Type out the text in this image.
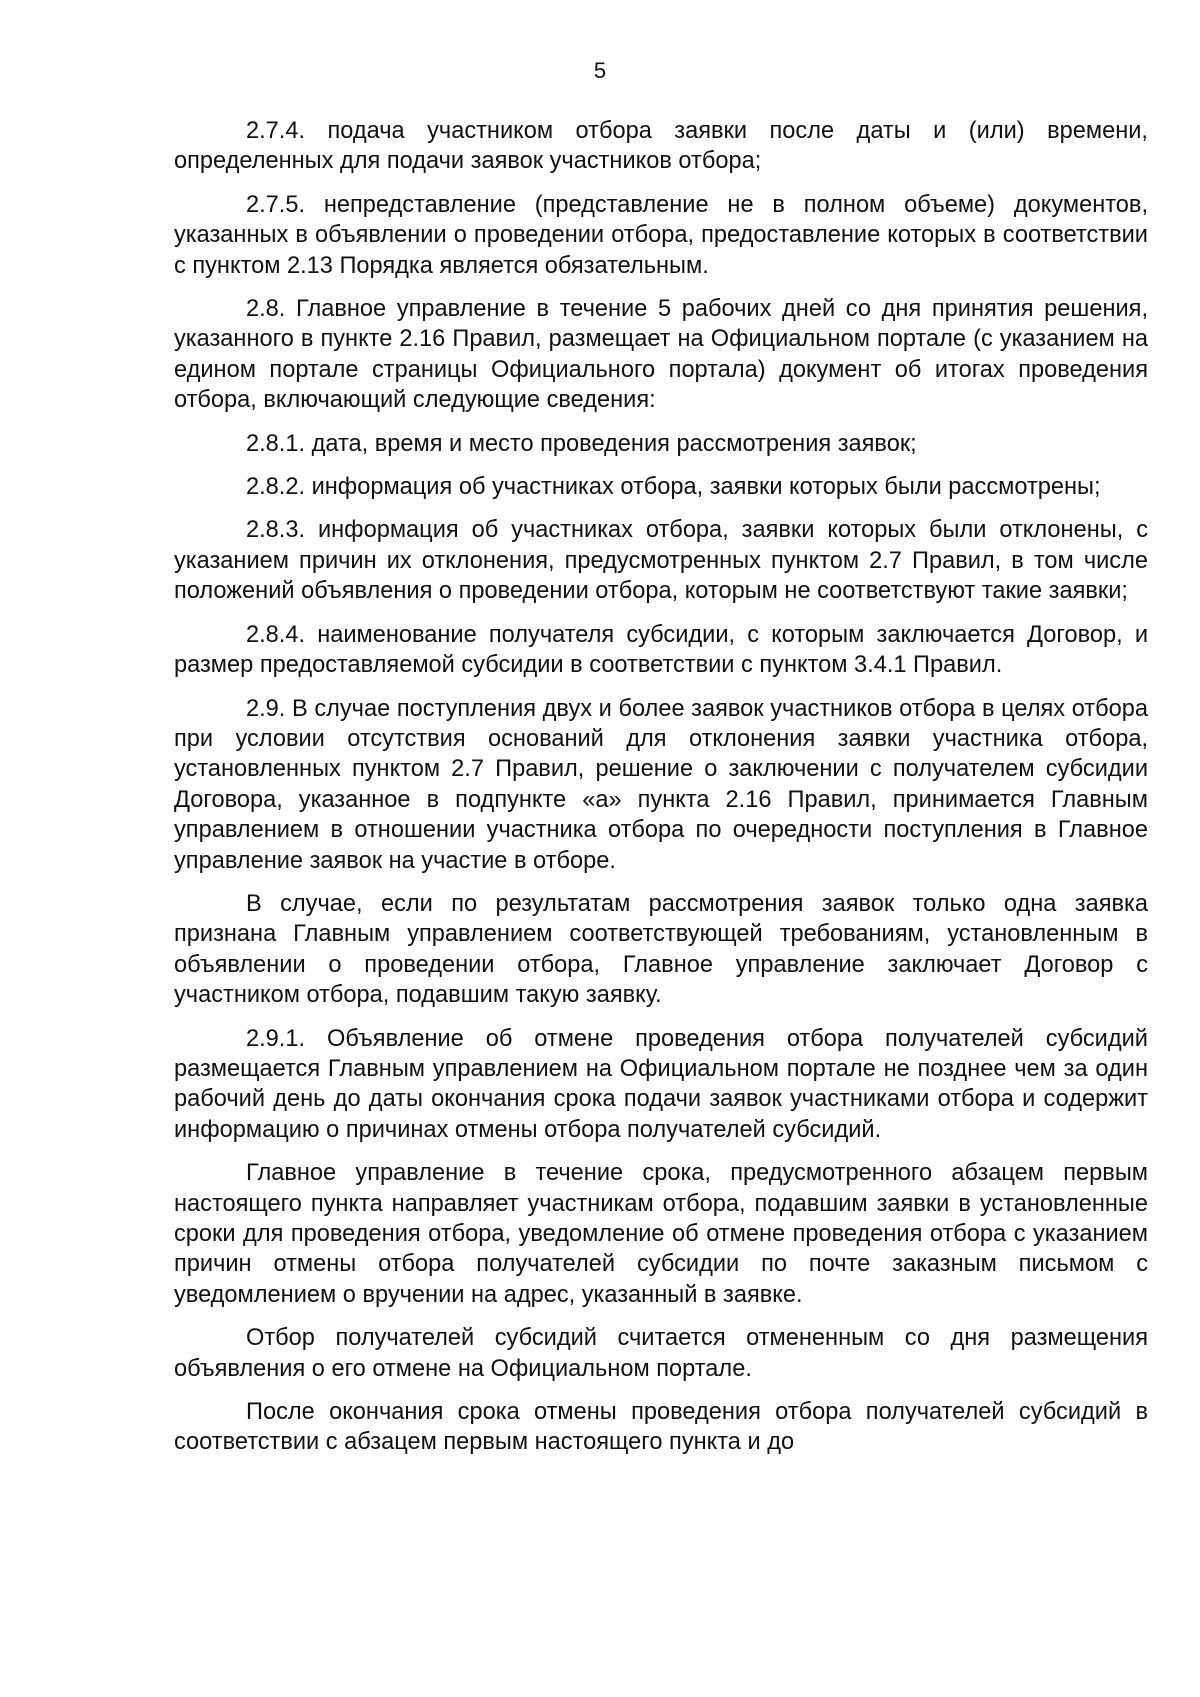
5

2.7.4. подача участником отбора заявки после даты и (или) времени, определенных для подачи заявок участников отбора;

2.7.5. непредставление (представление не в полном объеме) документов, указанных в объявлении о проведении отбора, предоставление которых в соответствии с пунктом 2.13 Порядка является обязательным.

2.8. Главное управление в течение 5 рабочих дней со дня принятия решения, указанного в пункте 2.16 Правил, размещает на Официальном портале (с указанием на едином портале страницы Официального портала) документ об итогах проведения отбора, включающий следующие сведения:

2.8.1. дата, время и место проведения рассмотрения заявок;

2.8.2. информация об участниках отбора, заявки которых были рассмотрены;

2.8.3. информация об участниках отбора, заявки которых были отклонены, с указанием причин их отклонения, предусмотренных пунктом 2.7 Правил, в том числе положений объявления о проведении отбора, которым не соответствуют такие заявки;

2.8.4. наименование получателя субсидии, с которым заключается Договор, и размер предоставляемой субсидии в соответствии с пунктом 3.4.1 Правил.

2.9. В случае поступления двух и более заявок участников отбора в целях отбора при условии отсутствия оснований для отклонения заявки участника отбора, установленных пунктом 2.7 Правил, решение о заключении с получателем субсидии Договора, указанное в подпункте «а» пункта 2.16 Правил, принимается Главным управлением в отношении участника отбора по очередности поступления в Главное управление заявок на участие в отборе.

В случае, если по результатам рассмотрения заявок только одна заявка признана Главным управлением соответствующей требованиям, установленным в объявлении о проведении отбора, Главное управление заключает Договор с участником отбора, подавшим такую заявку.

2.9.1. Объявление об отмене проведения отбора получателей субсидий размещается Главным управлением на Официальном портале не позднее чем за один рабочий день до даты окончания срока подачи заявок участниками отбора и содержит информацию о причинах отмены отбора получателей субсидий.

Главное управление в течение срока, предусмотренного абзацем первым настоящего пункта направляет участникам отбора, подавшим заявки в установленные сроки для проведения отбора, уведомление об отмене проведения отбора с указанием причин отмены отбора получателей субсидии по почте заказным письмом с уведомлением о вручении на адрес, указанный в заявке.

Отбор получателей субсидий считается отмененным со дня размещения объявления о его отмене на Официальном портале.

После окончания срока отмены проведения отбора получателей субсидий в соответствии с абзацем первым настоящего пункта и до
